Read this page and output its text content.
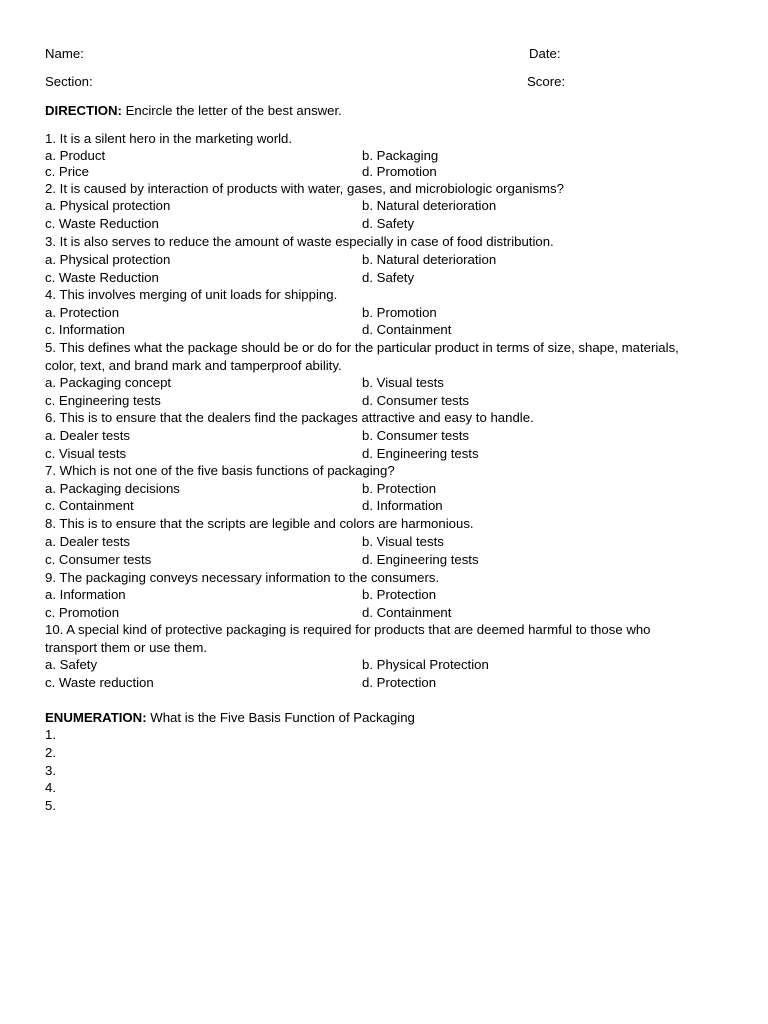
Name:	Date:
Section:	Score:
DIRECTION: Encircle the letter of the best answer.
1. It is a silent hero in the marketing world.
a. Product	b. Packaging
c. Price	d. Promotion
2. It is caused by interaction of products with water, gases, and microbiologic organisms?
a. Physical protection	b. Natural deterioration
c. Waste Reduction	d. Safety
3. It is also serves to reduce the amount of waste especially in case of food distribution.
a. Physical protection	b. Natural deterioration
c. Waste Reduction	d. Safety
4. This involves merging of unit loads for shipping.
a. Protection	b. Promotion
c. Information	d. Containment
5. This defines what the package should be or do for the particular product in terms of size, shape, materials,
color, text, and brand mark and tamperproof ability.
a. Packaging concept	b. Visual tests
c. Engineering tests	d. Consumer tests
6. This is to ensure that the dealers find the packages attractive and easy to handle.
a. Dealer tests	b. Consumer tests
c. Visual tests	d. Engineering tests
7. Which is not one of the five basis functions of packaging?
a. Packaging decisions	b. Protection
c. Containment	d. Information
8. This is to ensure that the scripts are legible and colors are harmonious.
a. Dealer tests	b. Visual tests
c. Consumer tests	d. Engineering tests
9. The packaging conveys necessary information to the consumers.
a. Information	b. Protection
c. Promotion	d. Containment
10. A special kind of protective packaging is required for products that are deemed harmful to those who
transport them or use them.
a. Safety	b. Physical Protection
c. Waste reduction	d. Protection
ENUMERATION: What is the Five Basis Function of Packaging
1.
2.
3.
4.
5.
